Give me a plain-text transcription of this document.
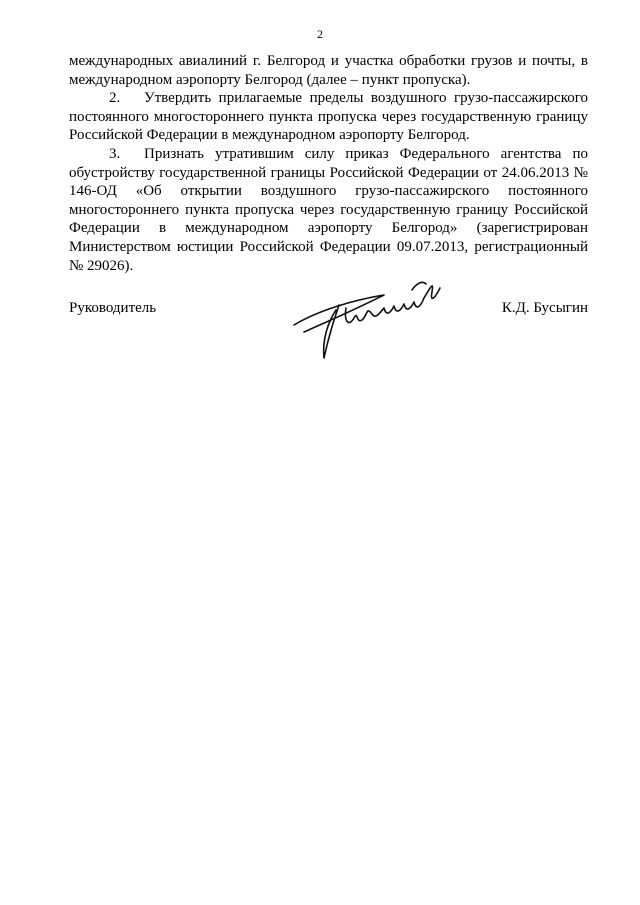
2

международных авиалиний г. Белгород и участка обработки грузов и почты, в международном аэропорту Белгород (далее – пункт пропуска).

2. Утвердить прилагаемые пределы воздушного грузо-пассажирского постоянного многостороннего пункта пропуска через государственную границу Российской Федерации в международном аэропорту Белгород.

3. Признать утратившим силу приказ Федерального агентства по обустройству государственной границы Российской Федерации от 24.06.2013 № 146-ОД «Об открытии воздушного грузо-пассажирского постоянного многостороннего пункта пропуска через государственную границу Российской Федерации в международном аэропорту Белгород» (зарегистрирован Министерством юстиции Российской Федерации 09.07.2013, регистрационный № 29026).

Руководитель	К.Д. Бусыгин
